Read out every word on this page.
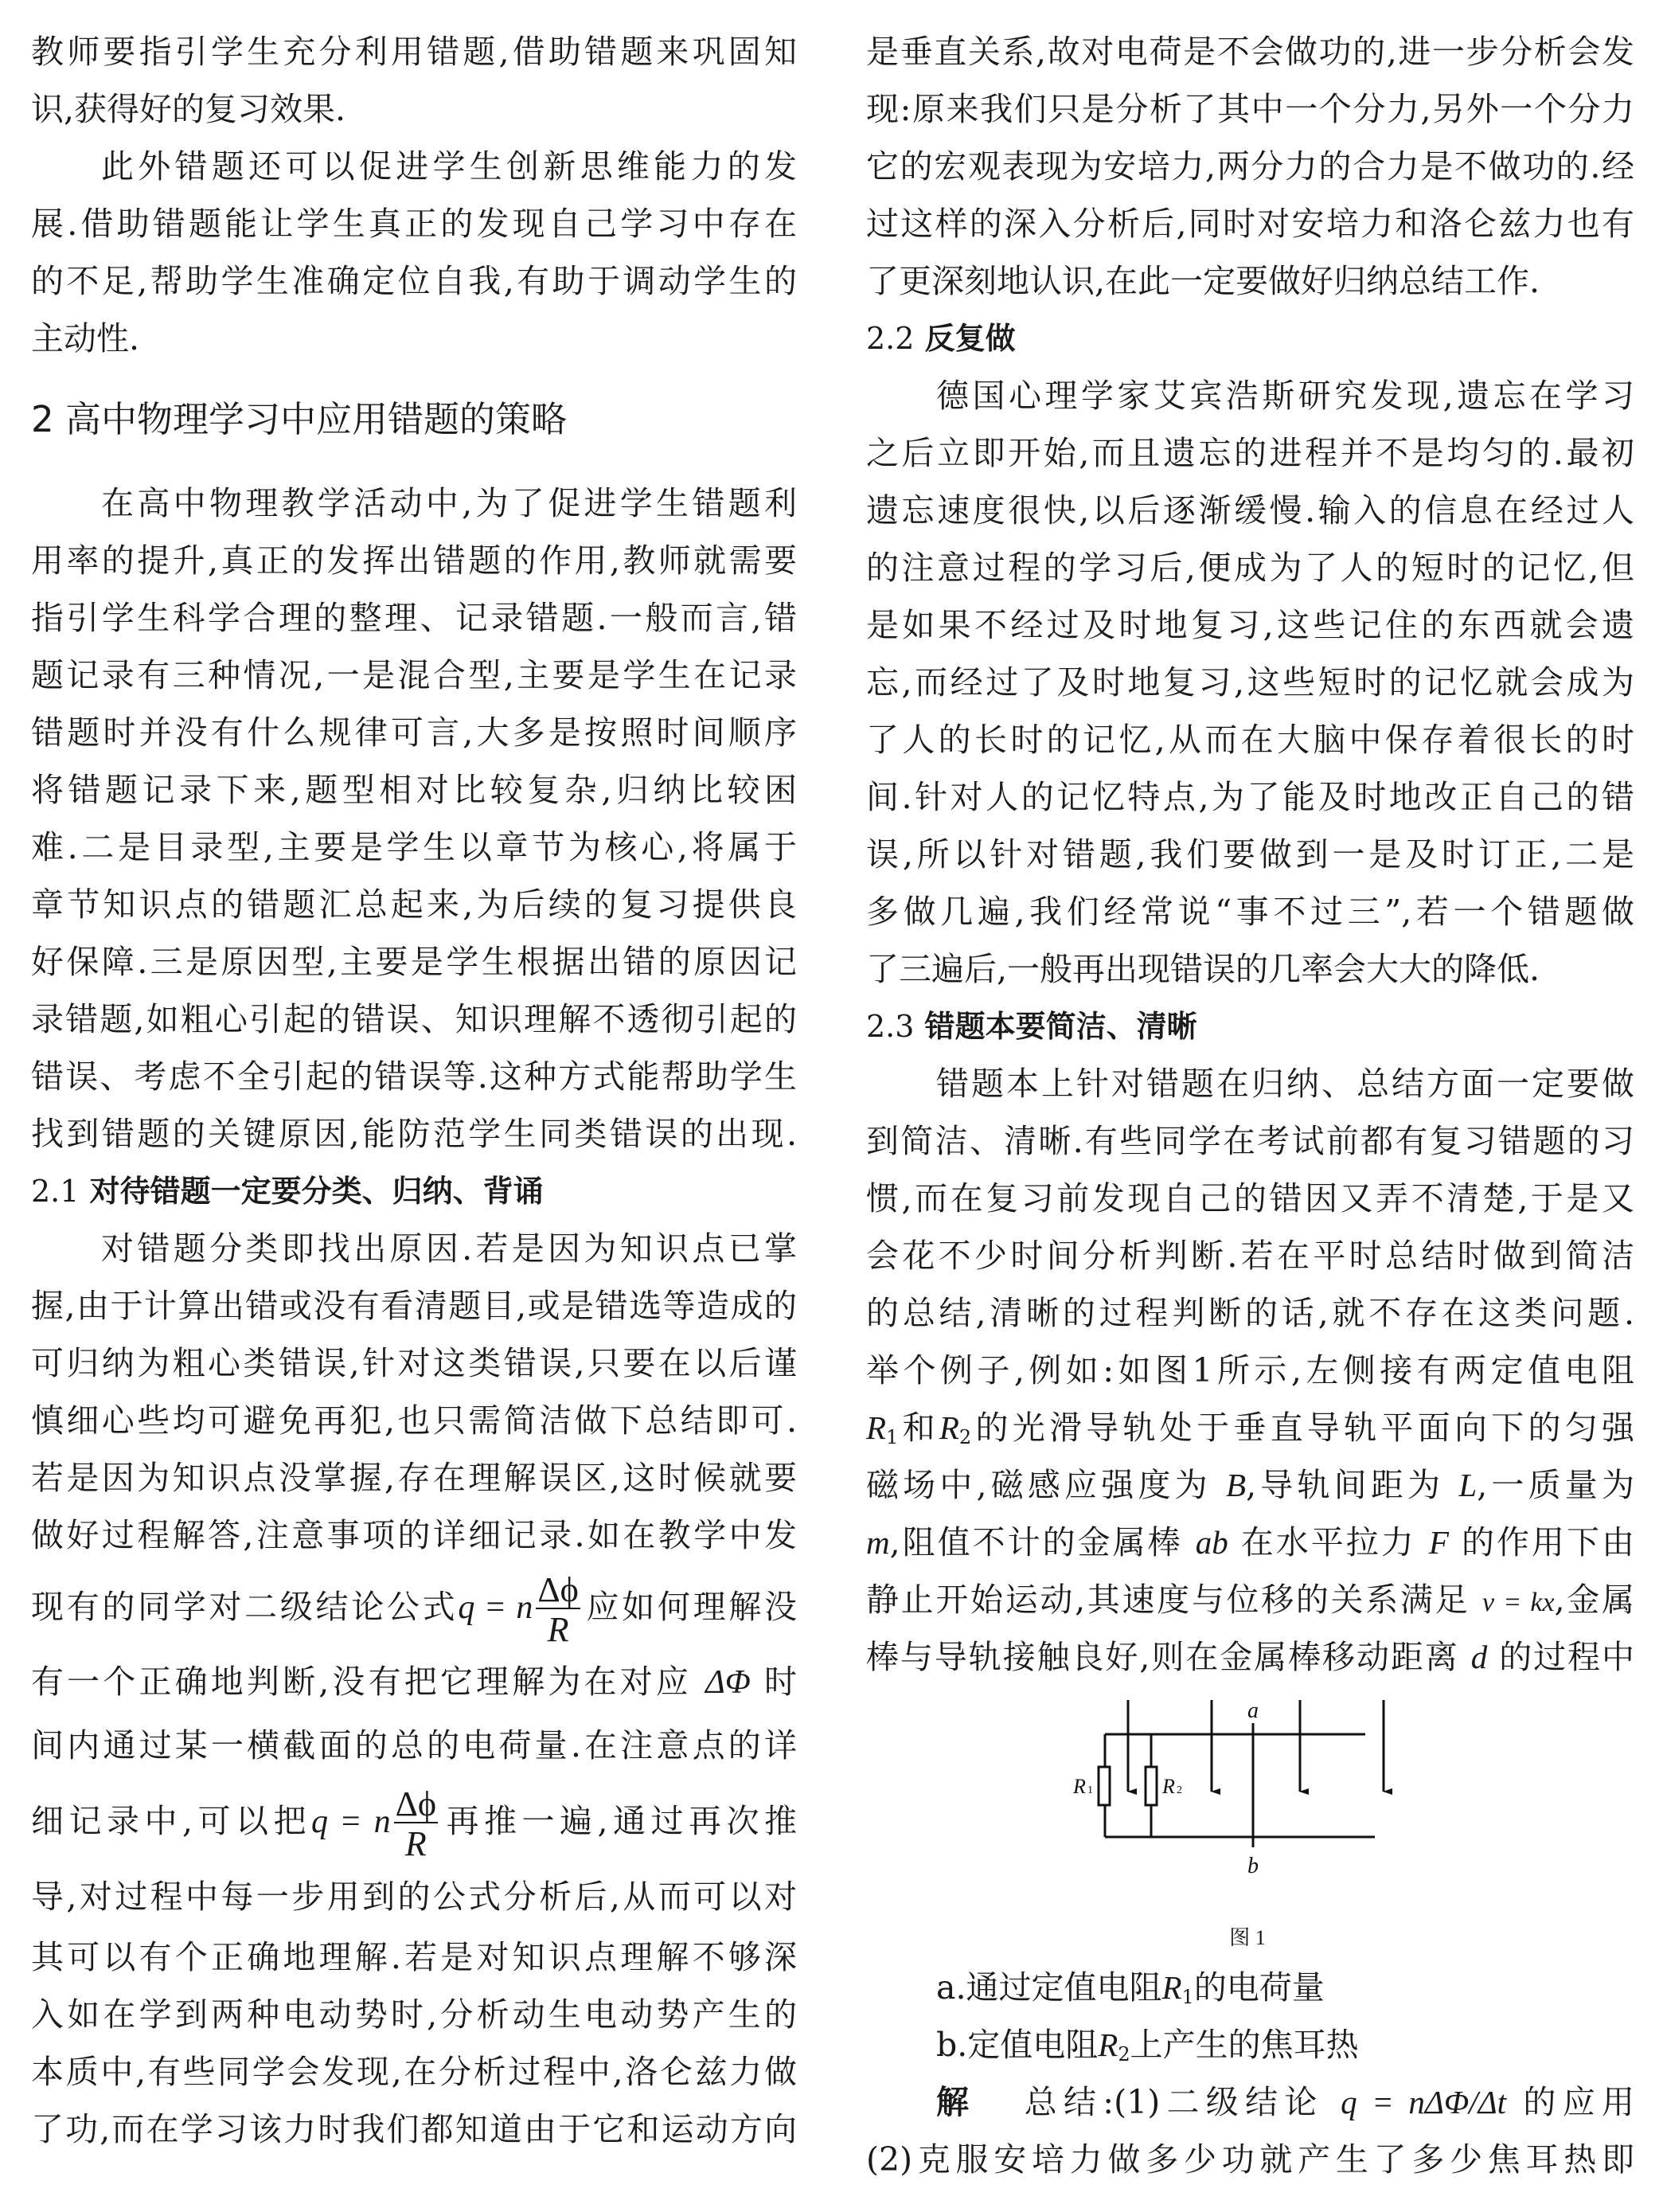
教师要指引学生充分利用错题,借助错题来巩固知
识,获得好的复习效果.
此外错题还可以促进学生创新思维能力的发
展.借助错题能让学生真正的发现自己学习中存在
的不足,帮助学生准确定位自我,有助于调动学生的
主动性.
2 高中物理学习中应用错题的策略
在高中物理教学活动中,为了促进学生错题利
用率的提升,真正的发挥出错题的作用,教师就需要
指引学生科学合理的整理、记录错题.一般而言,错
题记录有三种情况,一是混合型,主要是学生在记录
错题时并没有什么规律可言,大多是按照时间顺序
将错题记录下来,题型相对比较复杂,归纳比较困
难.二是目录型,主要是学生以章节为核心,将属于
章节知识点的错题汇总起来,为后续的复习提供良
好保障.三是原因型,主要是学生根据出错的原因记
录错题,如粗心引起的错误、知识理解不透彻引起的
错误、考虑不全引起的错误等.这种方式能帮助学生
找到错题的关键原因,能防范学生同类错误的出现.
2.1 对待错题一定要分类、归纳、背诵
对错题分类即找出原因.若是因为知识点已掌
握,由于计算出错或没有看清题目,或是错选等造成的
可归纳为粗心类错误,针对这类错误,只要在以后谨
慎细心些均可避免再犯,也只需简洁做下总结即可.
若是因为知识点没掌握,存在理解误区,这时候就要
做好过程解答,注意事项的详细记录.如在教学中发
现有的同学对二级结论公式q = n $\frac{\Delta\phi}{R}$ 应如何理解没
有一个正确地判断,没有把它理解为在对应 ΔΦ 时
间内通过某一横截面的总的电荷量.在注意点的详
细记录中,可以把q = n $\frac{\Delta\phi}{R}$ 再推一遍,通过再次推
导,对过程中每一步用到的公式分析后,从而可以对
其可以有个正确地理解.若是对知识点理解不够深
入如在学到两种电动势时,分析动生电动势产生的
本质中,有些同学会发现,在分析过程中,洛仑兹力做
了功,而在学习该力时我们都知道由于它和运动方向
是垂直关系,故对电荷是不会做功的,进一步分析会发
现:原来我们只是分析了其中一个分力,另外一个分力
它的宏观表现为安培力,两分力的合力是不做功的.经
过这样的深入分析后,同时对安培力和洛仑兹力也有
了更深刻地认识,在此一定要做好归纳总结工作.
2.2 反复做
德国心理学家艾宾浩斯研究发现,遗忘在学习
之后立即开始,而且遗忘的进程并不是均匀的.最初
遗忘速度很快,以后逐渐缓慢.输入的信息在经过人
的注意过程的学习后,便成为了人的短时的记忆,但
是如果不经过及时地复习,这些记住的东西就会遗
忘,而经过了及时地复习,这些短时的记忆就会成为
了人的长时的记忆,从而在大脑中保存着很长的时
间.针对人的记忆特点,为了能及时地改正自己的错
误,所以针对错题,我们要做到一是及时订正,二是
多做几遍,我们经常说“事不过三”,若一个错题做
了三遍后,一般再出现错误的几率会大大的降低.
2.3 错题本要简洁、清晰
错题本上针对错题在归纳、总结方面一定要做
到简洁、清晰.有些同学在考试前都有复习错题的习
惯,而在复习前发现自己的错因又弄不清楚,于是又
会花不少时间分析判断.若在平时总结时做到简洁
的总结,清晰的过程判断的话,就不存在这类问题.
举个例子,例如:如图1所示,左侧接有两定值电阻
$R_1$和$R_2$的光滑导轨处于垂直导轨平面向下的匀强
磁场中,磁感应强度为 B,导轨间距为 L,一质量为
m,阻值不计的金属棒 ab 在水平拉力 F 的作用下由
静止开始运动,其速度与位移的关系满足 v = kx,金属
棒与导轨接触良好,则在金属棒移动距离 d 的过程中
a.通过定值电阻$R_1$的电荷量
b.定值电阻$R_2$上产生的焦耳热
解 总结:(1)二级结论 q = nΔΦ/Δt 的应用
(2)克服安培力做多少功就产生了多少焦耳热即
a
b
R 1	R 2
图 1
